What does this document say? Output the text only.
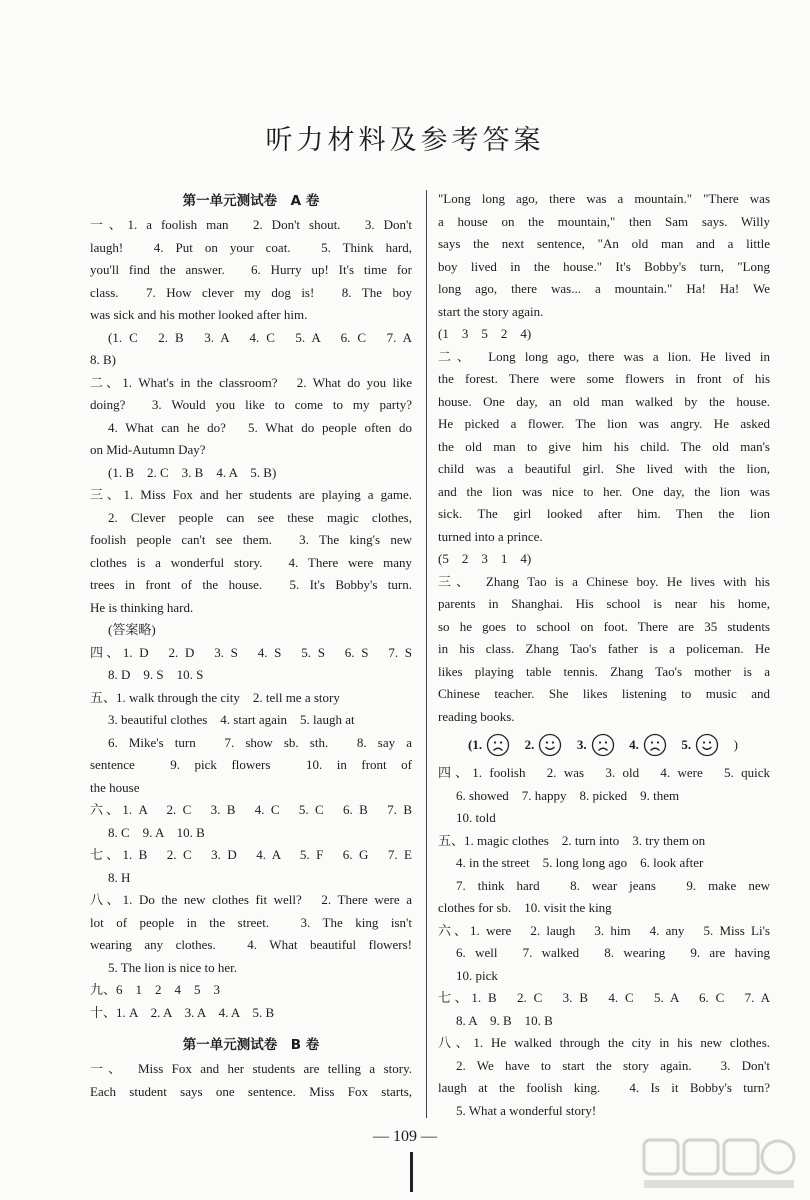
听力材料及参考答案
第一单元测试卷　A 卷
一、1. a foolish man　2. Don't shout.　3. Don't
laugh!　4. Put on your coat.　5. Think hard,
you'll find the answer.　6. Hurry up! It's time for
class.　7. How clever my dog is!　8. The boy
was sick and his mother looked after him.
(1. C　2. B　3. A　4. C　5. A　6. C　7. A
8. B)
二、1. What's in the classroom?　2. What do you like
doing?　3. Would you like to come to my party?
4. What can he do?　5. What do people often do
on Mid-Autumn Day?
(1. B　2. C　3. B　4. A　5. B)
三、1. Miss Fox and her students are playing a game.
2. Clever people can see these magic clothes,
foolish people can't see them.　3. The king's new
clothes is a wonderful story.　4. There were many
trees in front of the house.　5. It's Bobby's turn.
He is thinking hard.
(答案略)
四、1. D　2. D　3. S　4. S　5. S　6. S　7. S
8. D　9. S　10. S
五、1. walk through the city　2. tell me a story
3. beautiful clothes　4. start again　5. laugh at
6. Mike's turn　7. show sb. sth.　8. say a
sentence　9. pick flowers　10. in front of
the house
六、1. A　2. C　3. B　4. C　5. C　6. B　7. B
8. C　9. A　10. B
七、1. B　2. C　3. D　4. A　5. F　6. G　7. E
8. H
八、1. Do the new clothes fit well?　2. There were a
lot of people in the street.　3. The king isn't
wearing any clothes.　4. What beautiful flowers!
5. The lion is nice to her.
九、6　1　2　4　5　3
十、1. A　2. A　3. A　4. A　5. B
第一单元测试卷　B 卷
一、　Miss Fox and her students are telling a story.
Each student says one sentence. Miss Fox starts,
"Long long ago, there was a mountain." "There was
a house on the mountain," then Sam says. Willy
says the next sentence, "An old man and a little
boy lived in the house." It's Bobby's turn, "Long
long ago, there was... a mountain." Ha! Ha! We
start the story again.
(1　3　5　2　4)
二、　Long long ago, there was a lion. He lived in
the forest. There were some flowers in front of his
house. One day, an old man walked by the house.
He picked a flower. The lion was angry. He asked
the old man to give him his child. The old man's
child was a beautiful girl. She lived with the lion,
and the lion was nice to her. One day, the lion was
sick. The girl looked after him. Then the lion
turned into a prince.
(5　2　3　1　4)
三、　Zhang Tao is a Chinese boy. He lives with his
parents in Shanghai. His school is near his home,
so he goes to school on foot. There are 35 students
in his class. Zhang Tao's father is a policeman. He
likes playing table tennis. Zhang Tao's mother is a
Chinese teacher. She likes listening to music and
reading books.
(1.
 	2.
 	3.
 	4.
 	5.
 	)
四、1. foolish　2. was　3. old　4. were　5. quick
6. showed　7. happy　8. picked　9. them
10. told
五、1. magic clothes　2. turn into　3. try them on
4. in the street　5. long long ago　6. look after
7. think hard　8. wear jeans　9. make new
clothes for sb.　10. visit the king
六、1. were　2. laugh　3. him　4. any　5. Miss Li's
6. well　7. walked　8. wearing　9. are having
10. pick
七、1. B　2. C　3. B　4. C　5. A　6. C　7. A
8. A　9. B　10. B
八、1. He walked through the city in his new clothes.
2. We have to start the story again.　3. Don't
laugh at the foolish king.　4. Is it Bobby's turn?
5. What a wonderful story!
— 109 —
